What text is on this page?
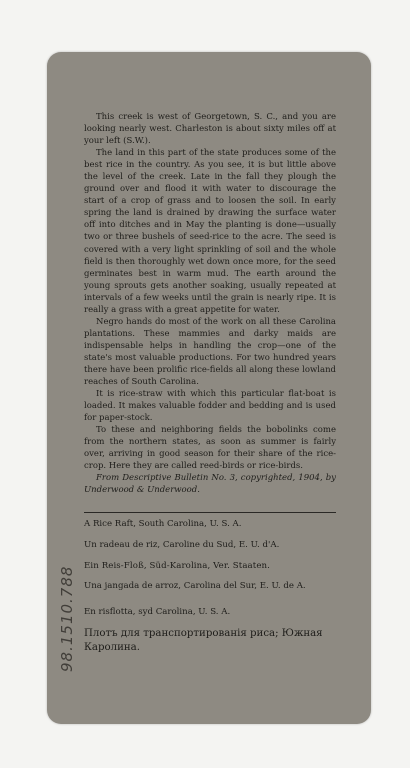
This creek is west of Georgetown, S. C., and you are looking nearly west. Charleston is about sixty miles off at your left (S.W.).

The land in this part of the state produces some of the best rice in the country. As you see, it is but little above the level of the creek. Late in the fall they plough the ground over and flood it with water to discourage the start of a crop of grass and to loosen the soil. In early spring the land is drained by drawing the surface water off into ditches and in May the planting is done—usually two or three bushels of seed-rice to the acre. The seed is covered with a very light sprinkling of soil and the whole field is then thoroughly wet down once more, for the seed germinates best in warm mud. The earth around the young sprouts gets another soaking, usually repeated at intervals of a few weeks until the grain is nearly ripe. It is really a grass with a great appetite for water.

Negro hands do most of the work on all these Carolina plantations. These mammies and darky maids are indispensable helps in handling the crop—one of the state's most valuable productions. For two hundred years there have been prolific rice-fields all along these lowland reaches of South Carolina.

It is rice-straw with which this particular flat-boat is loaded. It makes valuable fodder and bedding and is used for paper-stock.

To these and neighboring fields the bobolinks come from the northern states, as soon as summer is fairly over, arriving in good season for their share of the rice-crop. Here they are called reed-birds or rice-birds.

From Descriptive Bulletin No. 3, copyrighted, 1904, by Underwood & Underwood.

A Rice Raft, South Carolina, U. S. A.
Un radeau de riz, Caroline du Sud, E. U. d'A.
Ein Reis-Floß, Süd-Karolina, Ver. Staaten.
Una jangada de arroz, Carolina del Sur, E. U. de A.
En risflotta, syd Carolina, U. S. A.
Плотъ для транспортированія риса; Южная Каролина.
98.1510.788
